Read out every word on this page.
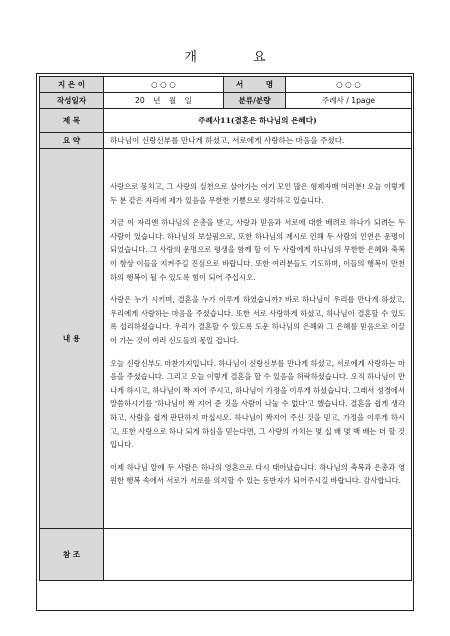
개 요
지 은 이	○ ○ ○	서 명	○ ○ ○
작성일자	20 년 월 일	분류/분량	주례사 / 1page
제 목	주례사11(결혼은 하나님의 은혜다)		
요 약	하나님이 신랑신부를 만나게 하셨고, 서로에게 사랑하는 마음을 주셨다.		
내 용	사랑으로 뭉치고, 그 사랑의 실천으로 살아가는 여기 모인 많은 형제자매 여러분! 오늘 이렇게 두 분 같은 자리에 제가 있음을 무한한 기쁨으로 생각하고 있습니다.

지금 이 자리엔 하나님의 은총을 받고, 사랑과 믿음과 서로에 대한 배려로 하나가 되려는 두 사람이 있습니다. 하나님의 보살핌으로, 또한 하나님의 계시로 인해 두 사람의 인연은 운명이 되었습니다. 그 사랑의 운명으로 평생을 함께 할 이 두 사람에게 하나님의 무한한 은혜와 축복이 항상 이들을 지켜주길 진심으로 바랍니다. 또한 여러분들도 기도하며, 이들의 행복이 만천하의 행복이 될 수 있도록 힘이 되어 주십시오.

사랑은 누가 시키며, 결혼을 누가 이루게 하였습니까? 바로 하나님이 우리를 만나게 하셨고, 우리에게 사랑하는 마음을 주셨습니다. 또한 서로 사랑하게 하셨고, 하나님이 결혼할 수 있도록 섭리하셨습니다. 우리가 결혼할 수 있도록 도운 하나님의 은혜와 그 은혜를 믿음으로 이끌어 가는 것이 여러 신도들의 몫일 겁니다.

오늘 신랑신부도 마찬가지입니다. 하나님이 신랑신부를 만나게 하셨고, 서로에게 사랑하는 마음을 주셨습니다. 그리고 오늘 이렇게 결혼을 할 수 있음을 허락하셨습니다. 오직 하나님이 만나게 하시고, 하나님이 짝 지어 주시고, 하나님이 가정을 이루게 하셨습니다. 그래서 성경에서 말씀하시기를 '하나님이 짝 지어 준 것을 사람이 나눌 수 없다'고 했습니다. 결혼을 쉽게 생각하고, 사람을 쉽게 판단하지 마십시오. 하나님이 짝지어 주신 것을 믿고, 가정을 이루게 하시고, 또한 사랑으로 하나 되게 하심을 믿는다면, 그 사랑의 가치는 몇 십 배 몇 백 배는 더 할 것입니다.

이제 하나님 앞에 두 사람은 하나의 영혼으로 다시 태어났습니다. 하나님의 축복과 은총과 영원한 행복 속에서 서로가 서로를 의지할 수 있는 동반자가 되어주시길 바랍니다. 감사합니다.		

참 조			
